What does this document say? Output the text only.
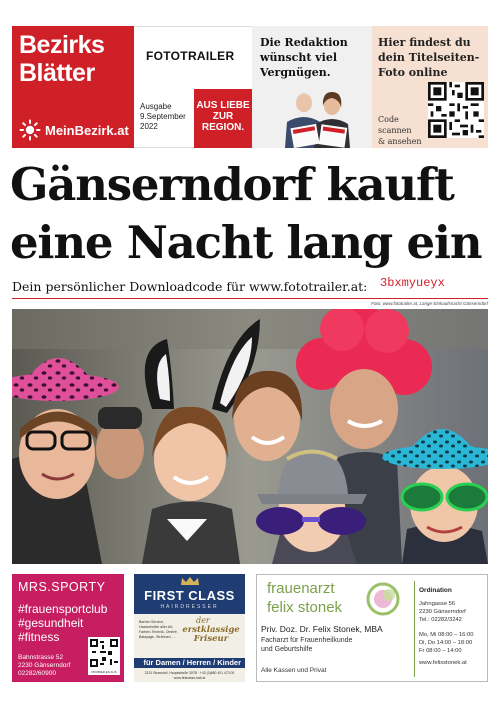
Bezirks
Blätter
MeinBezirk.at
FOTOTRAILER
Ausgabe
9.September 2022
AUS LIEBE
ZUR
REGION.
Die Redaktion
wünscht viel
Vergnügen.
Hier findest du
dein Titelseiten-
Foto online
Code
scannen
& ansehen
Gänserndorf kauft
eine Nacht lang ein
Dein persönlicher Downloadcode für www.fototrailer.at: 3bxmyueyx
Foto: www.fototrailer.at, Lange-Einkaufsnacht Gänserndorf
MRS.SPORTY
#frauensportclub
#gesundheit
#fitness
Bahnstrasse 52
2230 Gänserndorf
02282/60900	PROBIER ES AUS
FIRST CLASS
HAIRDRESSER
Barber-Service, Haarschnitte aller Art, Farben-Technik, Ombré, Balayage, Strähnen, ...
der
erstklassige
Friseur
für Damen / Herren / Kinder
2231 Strasshof, Hauptstraße 307B · +43 (0)680 401 473 00
www.firstclass-hair.at
frauenarzt
felix stonek
Priv. Doz. Dr. Felix Stonek, MBA
Facharzt für Frauenheilkunde
und Geburtshilfe
Alle Kassen und Privat
Ordination
Jahngasse 56
2230 Gänserndorf
Tel.: 02282/3242
Mo, Mi 08:00 – 16:00
Di, Do 14:00 – 18:00
Fr 08:00 – 14:00
www.felixstonek.at
